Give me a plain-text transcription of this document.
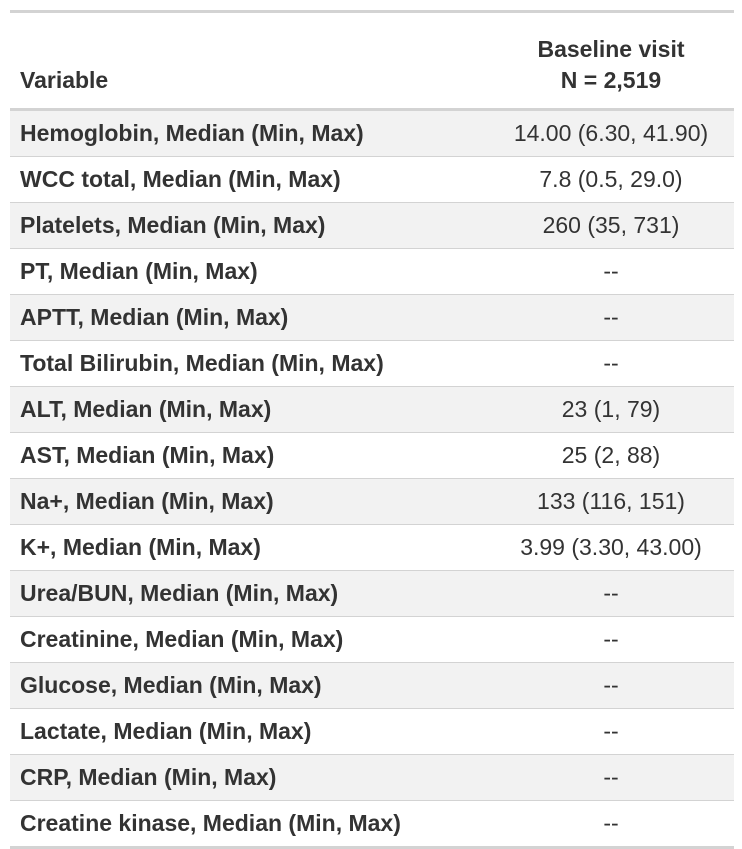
Variable	Baseline visit
N = 2,519
Hemoglobin, Median (Min, Max)	14.00 (6.30, 41.90)
WCC total, Median (Min, Max)	7.8 (0.5, 29.0)
Platelets, Median (Min, Max)	260 (35, 731)
PT, Median (Min, Max)	--
APTT, Median (Min, Max)	--
Total Bilirubin, Median (Min, Max)	--
ALT, Median (Min, Max)	23 (1, 79)
AST, Median (Min, Max)	25 (2, 88)
Na+, Median (Min, Max)	133 (116, 151)
K+, Median (Min, Max)	3.99 (3.30, 43.00)
Urea/BUN, Median (Min, Max)	--
Creatinine, Median (Min, Max)	--
Glucose, Median (Min, Max)	--
Lactate, Median (Min, Max)	--
CRP, Median (Min, Max)	--
Creatine kinase, Median (Min, Max)	--
